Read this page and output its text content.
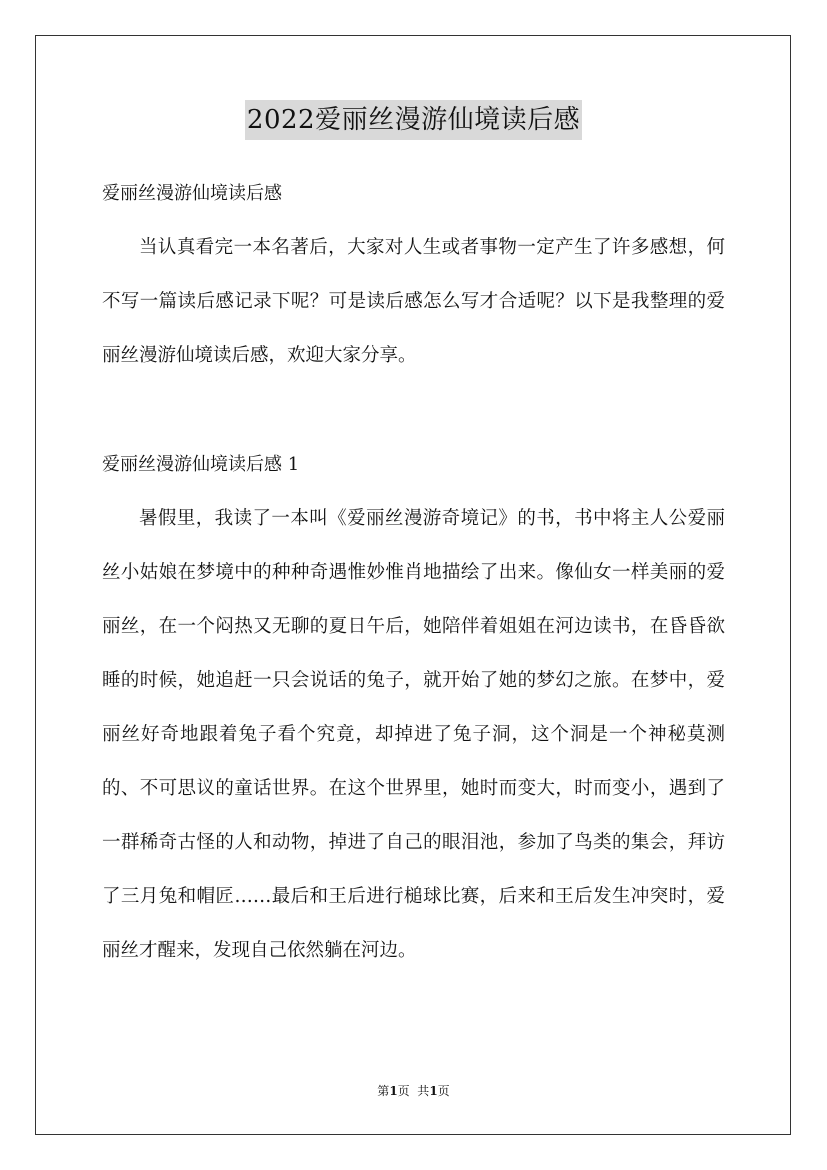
2022爱丽丝漫游仙境读后感
爱丽丝漫游仙境读后感

当认真看完一本名著后，大家对人生或者事物一定产生了许多感想，何不写一篇读后感记录下呢？可是读后感怎么写才合适呢？以下是我整理的爱丽丝漫游仙境读后感，欢迎大家分享。

爱丽丝漫游仙境读后感 1

暑假里，我读了一本叫《爱丽丝漫游奇境记》的书，书中将主人公爱丽丝小姑娘在梦境中的种种奇遇惟妙惟肖地描绘了出来。像仙女一样美丽的爱丽丝，在一个闷热又无聊的夏日午后，她陪伴着姐姐在河边读书，在昏昏欲睡的时候，她追赶一只会说话的兔子，就开始了她的梦幻之旅。在梦中，爱丽丝好奇地跟着兔子看个究竟，却掉进了兔子洞，这个洞是一个神秘莫测的、不可思议的童话世界。在这个世界里，她时而变大，时而变小，遇到了一群稀奇古怪的人和动物，掉进了自己的眼泪池，参加了鸟类的集会，拜访了三月兔和帽匠……最后和王后进行槌球比赛，后来和王后发生冲突时，爱丽丝才醒来，发现自己依然躺在河边。

第1页  共1页
